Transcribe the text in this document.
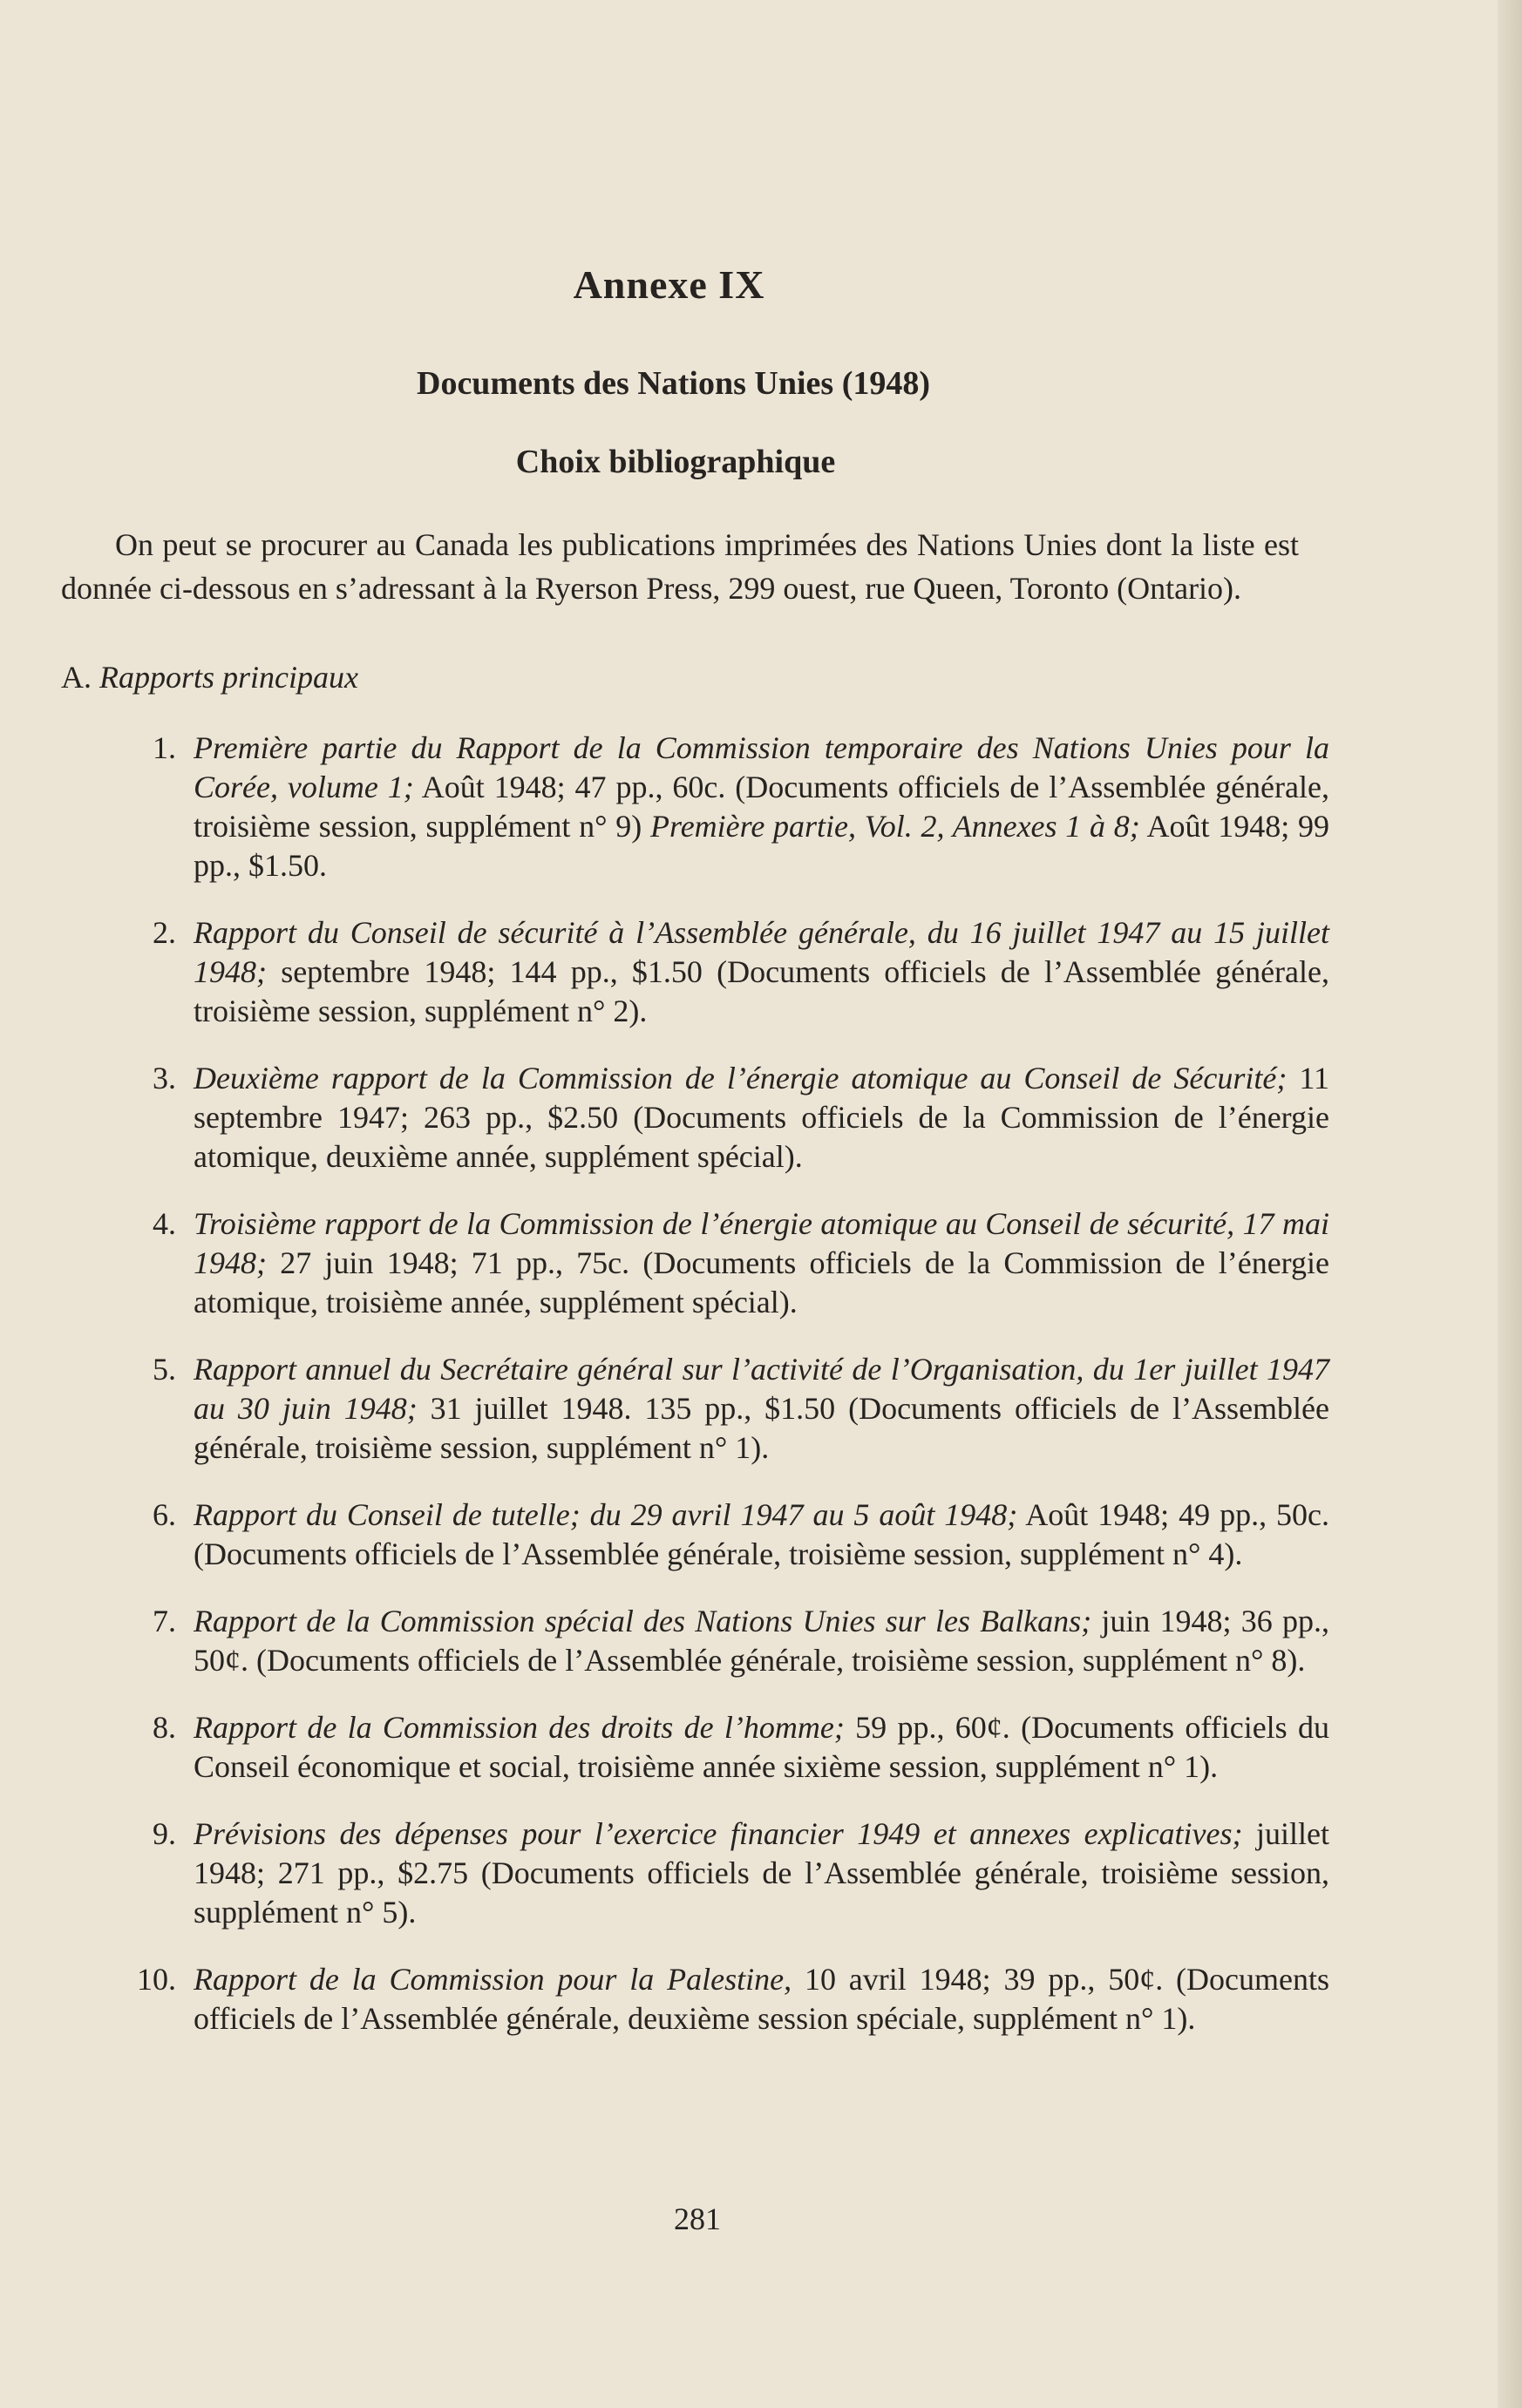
Annexe IX
Documents des Nations Unies (1948)
Choix bibliographique

On peut se procurer au Canada les publications imprimées des Nations Unies dont la liste est donnée ci-dessous en s’adressant à la Ryerson Press, 299 ouest, rue Queen, Toronto (Ontario).

A. Rapports principaux
1. Première partie du Rapport de la Commission temporaire des Nations Unies pour la Corée, volume 1; Août 1948; 47 pp., 60c. (Documents officiels de l’Assemblée générale, troisième session, supplément n° 9) Première partie, Vol. 2, Annexes 1 à 8; Août 1948; 99 pp., $1.50.
2. Rapport du Conseil de sécurité à l’Assemblée générale, du 16 juillet 1947 au 15 juillet 1948; septembre 1948; 144 pp., $1.50 (Documents officiels de l’Assemblée générale, troisième session, supplément n° 2).
3. Deuxième rapport de la Commission de l’énergie atomique au Conseil de Sécurité; 11 septembre 1947; 263 pp., $2.50 (Documents officiels de la Commission de l’énergie atomique, deuxième année, supplément spécial).
4. Troisième rapport de la Commission de l’énergie atomique au Conseil de sécurité, 17 mai 1948; 27 juin 1948; 71 pp., 75c. (Documents officiels de la Commission de l’énergie atomique, troisième année, supplément spécial).
5. Rapport annuel du Secrétaire général sur l’activité de l’Organisation, du 1er juillet 1947 au 30 juin 1948; 31 juillet 1948. 135 pp., $1.50 (Documents officiels de l’Assemblée générale, troisième session, supplément n° 1).
6. Rapport du Conseil de tutelle; du 29 avril 1947 au 5 août 1948; Août 1948; 49 pp., 50c. (Documents officiels de l’Assemblée générale, troisième session, supplément n° 4).
7. Rapport de la Commission spécial des Nations Unies sur les Balkans; juin 1948; 36 pp., 50¢. (Documents officiels de l’Assemblée générale, troisième session, supplément n° 8).
8. Rapport de la Commission des droits de l’homme; 59 pp., 60¢. (Documents officiels du Conseil économique et social, troisième année sixième session, supplément n° 1).
9. Prévisions des dépenses pour l’exercice financier 1949 et annexes explicatives; juillet 1948; 271 pp., $2.75 (Documents officiels de l’Assemblée générale, troisième session, supplément n° 5).
10. Rapport de la Commission pour la Palestine, 10 avril 1948; 39 pp., 50¢. (Documents officiels de l’Assemblée générale, deuxième session spéciale, supplément n° 1).
281
